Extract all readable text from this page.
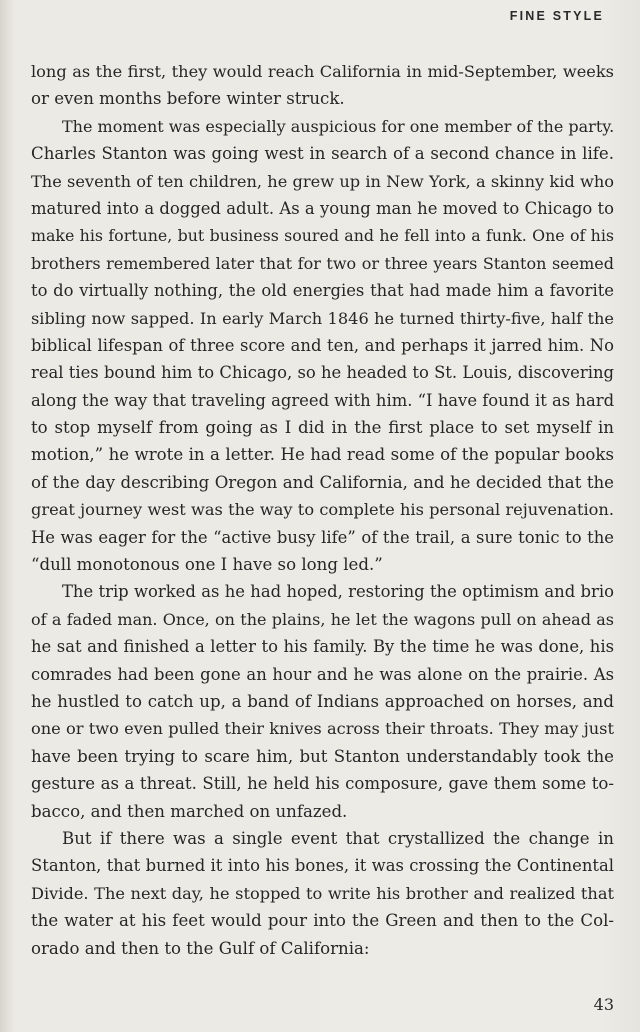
FINE STYLE
long as the first, they would reach California in mid-September, weeks
or even months before winter struck.
The moment was especially auspicious for one member of the party.
Charles Stanton was going west in search of a second chance in life.
The seventh of ten children, he grew up in New York, a skinny kid who
matured into a dogged adult. As a young man he moved to Chicago to
make his fortune, but business soured and he fell into a funk. One of his
brothers remembered later that for two or three years Stanton seemed
to do virtually nothing, the old energies that had made him a favorite
sibling now sapped. In early March 1846 he turned thirty-five, half the
biblical lifespan of three score and ten, and perhaps it jarred him. No
real ties bound him to Chicago, so he headed to St. Louis, discovering
along the way that traveling agreed with him. “I have found it as hard
to stop myself from going as I did in the first place to set myself in
motion,” he wrote in a letter. He had read some of the popular books
of the day describing Oregon and California, and he decided that the
great journey west was the way to complete his personal rejuvenation.
He was eager for the “active busy life” of the trail, a sure tonic to the
“dull monotonous one I have so long led.”
The trip worked as he had hoped, restoring the optimism and brio
of a faded man. Once, on the plains, he let the wagons pull on ahead as
he sat and finished a letter to his family. By the time he was done, his
comrades had been gone an hour and he was alone on the prairie. As
he hustled to catch up, a band of Indians approached on horses, and
one or two even pulled their knives across their throats. They may just
have been trying to scare him, but Stanton understandably took the
gesture as a threat. Still, he held his composure, gave them some to-
bacco, and then marched on unfazed.
But if there was a single event that crystallized the change in
Stanton, that burned it into his bones, it was crossing the Continental
Divide. The next day, he stopped to write his brother and realized that
the water at his feet would pour into the Green and then to the Col-
orado and then to the Gulf of California:
43
